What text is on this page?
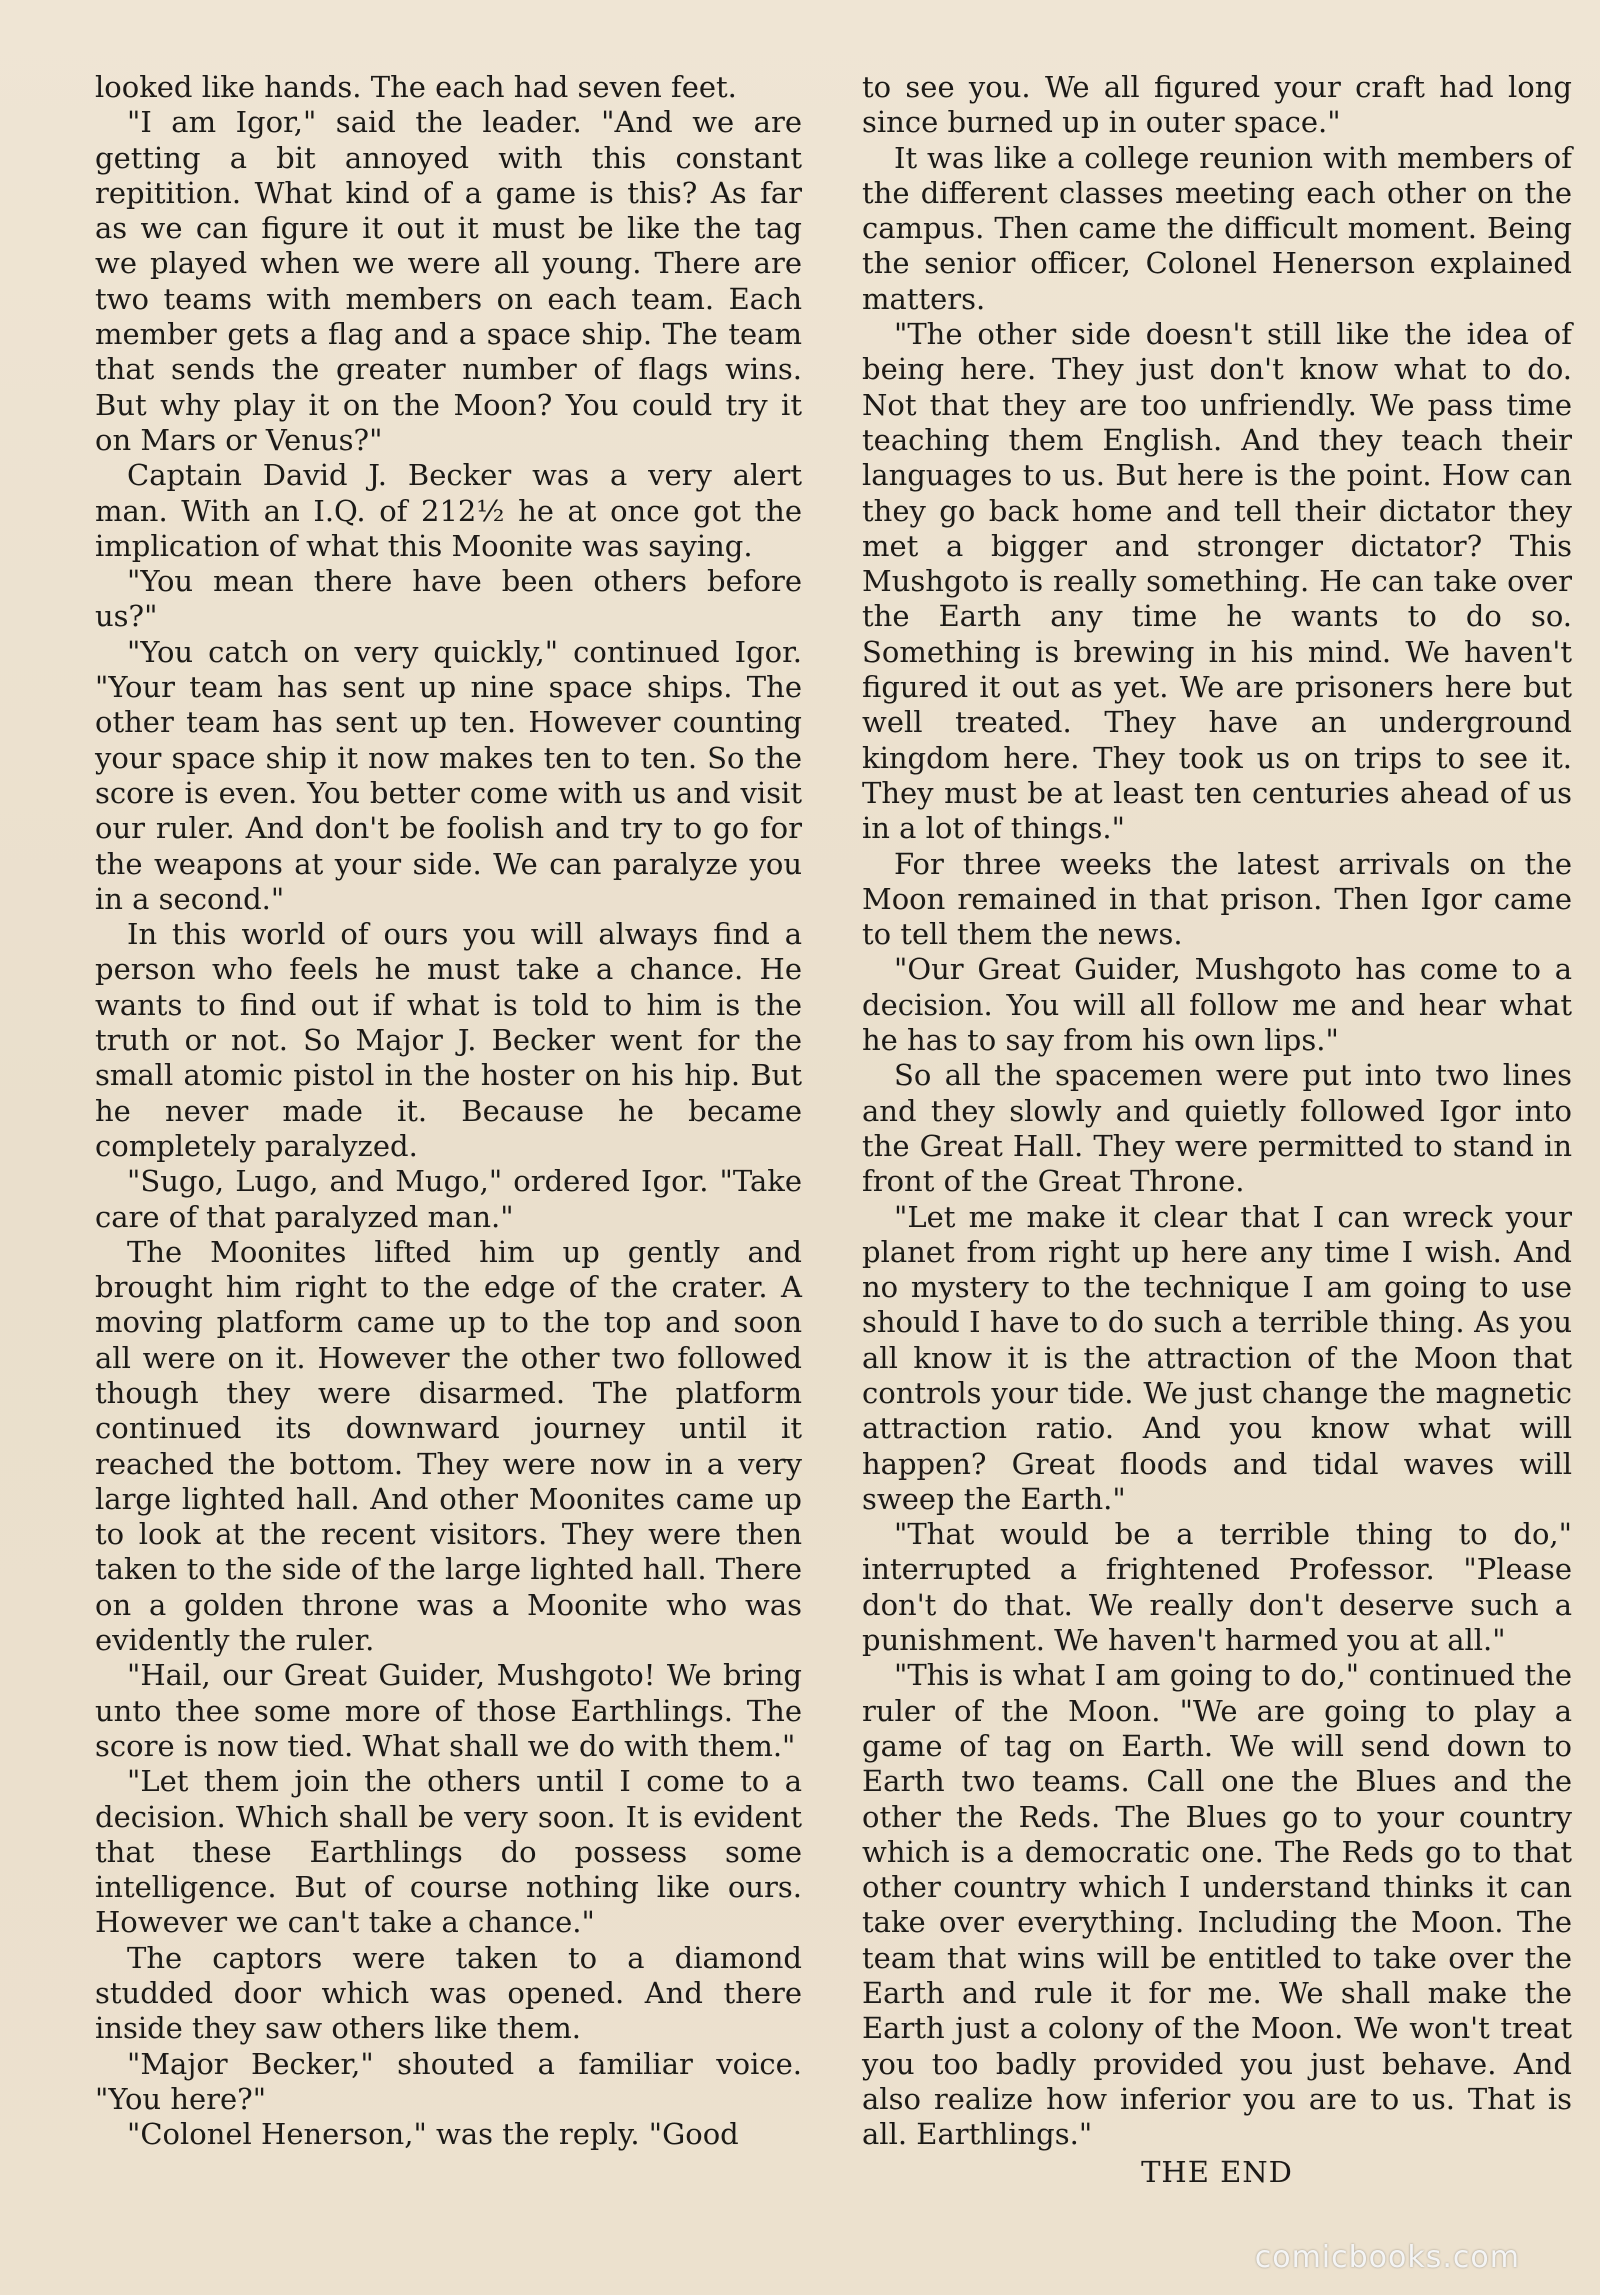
looked like hands. The each had seven feet.

"I am Igor," said the leader. "And we are getting a bit annoyed with this constant repitition. What kind of a game is this? As far as we can figure it out it must be like the tag we played when we were all young. There are two teams with members on each team. Each member gets a flag and a space ship. The team that sends the greater number of flags wins. But why play it on the Moon? You could try it on Mars or Venus?"

Captain David J. Becker was a very alert man. With an I.Q. of 212½ he at once got the implication of what this Moonite was saying.

"You mean there have been others before us?"

"You catch on very quickly," continued Igor. "Your team has sent up nine space ships. The other team has sent up ten. However counting your space ship it now makes ten to ten. So the score is even. You better come with us and visit our ruler. And don't be foolish and try to go for the weapons at your side. We can paralyze you in a second."

In this world of ours you will always find a person who feels he must take a chance. He wants to find out if what is told to him is the truth or not. So Major J. Becker went for the small atomic pistol in the hoster on his hip. But he never made it. Because he became completely paralyzed.

"Sugo, Lugo, and Mugo," ordered Igor. "Take care of that paralyzed man."

The Moonites lifted him up gently and brought him right to the edge of the crater. A moving platform came up to the top and soon all were on it. However the other two followed though they were disarmed. The platform continued its downward journey until it reached the bottom. They were now in a very large lighted hall. And other Moonites came up to look at the recent visitors. They were then taken to the side of the large lighted hall. There on a golden throne was a Moonite who was evidently the ruler.

"Hail, our Great Guider, Mushgoto! We bring unto thee some more of those Earthlings. The score is now tied. What shall we do with them."

"Let them join the others until I come to a decision. Which shall be very soon. It is evident that these Earthlings do possess some intelligence. But of course nothing like ours. However we can't take a chance."

The captors were taken to a diamond studded door which was opened. And there inside they saw others like them.

"Major Becker," shouted a familiar voice. "You here?"

"Colonel Henerson," was the reply. "Good

to see you. We all figured your craft had long since burned up in outer space."

It was like a college reunion with members of the different classes meeting each other on the campus. Then came the difficult moment. Being the senior officer, Colonel Henerson explained matters.

"The other side doesn't still like the idea of being here. They just don't know what to do. Not that they are too unfriendly. We pass time teaching them English. And they teach their languages to us. But here is the point. How can they go back home and tell their dictator they met a bigger and stronger dictator? This Mushgoto is really something. He can take over the Earth any time he wants to do so. Something is brewing in his mind. We haven't figured it out as yet. We are prisoners here but well treated. They have an underground kingdom here. They took us on trips to see it. They must be at least ten centuries ahead of us in a lot of things."

For three weeks the latest arrivals on the Moon remained in that prison. Then Igor came to tell them the news.

"Our Great Guider, Mushgoto has come to a decision. You will all follow me and hear what he has to say from his own lips."

So all the spacemen were put into two lines and they slowly and quietly followed Igor into the Great Hall. They were permitted to stand in front of the Great Throne.

"Let me make it clear that I can wreck your planet from right up here any time I wish. And no mystery to the technique I am going to use should I have to do such a terrible thing. As you all know it is the attraction of the Moon that controls your tide. We just change the magnetic attraction ratio. And you know what will happen? Great floods and tidal waves will sweep the Earth."

"That would be a terrible thing to do," interrupted a frightened Professor. "Please don't do that. We really don't deserve such a punishment. We haven't harmed you at all."

"This is what I am going to do," continued the ruler of the Moon. "We are going to play a game of tag on Earth. We will send down to Earth two teams. Call one the Blues and the other the Reds. The Blues go to your country which is a democratic one. The Reds go to that other country which I understand thinks it can take over everything. Including the Moon. The team that wins will be entitled to take over the Earth and rule it for me. We shall make the Earth just a colony of the Moon. We won't treat you too badly provided you just behave. And also realize how inferior you are to us. That is all. Earthlings."

THE END
comicbooks.com
